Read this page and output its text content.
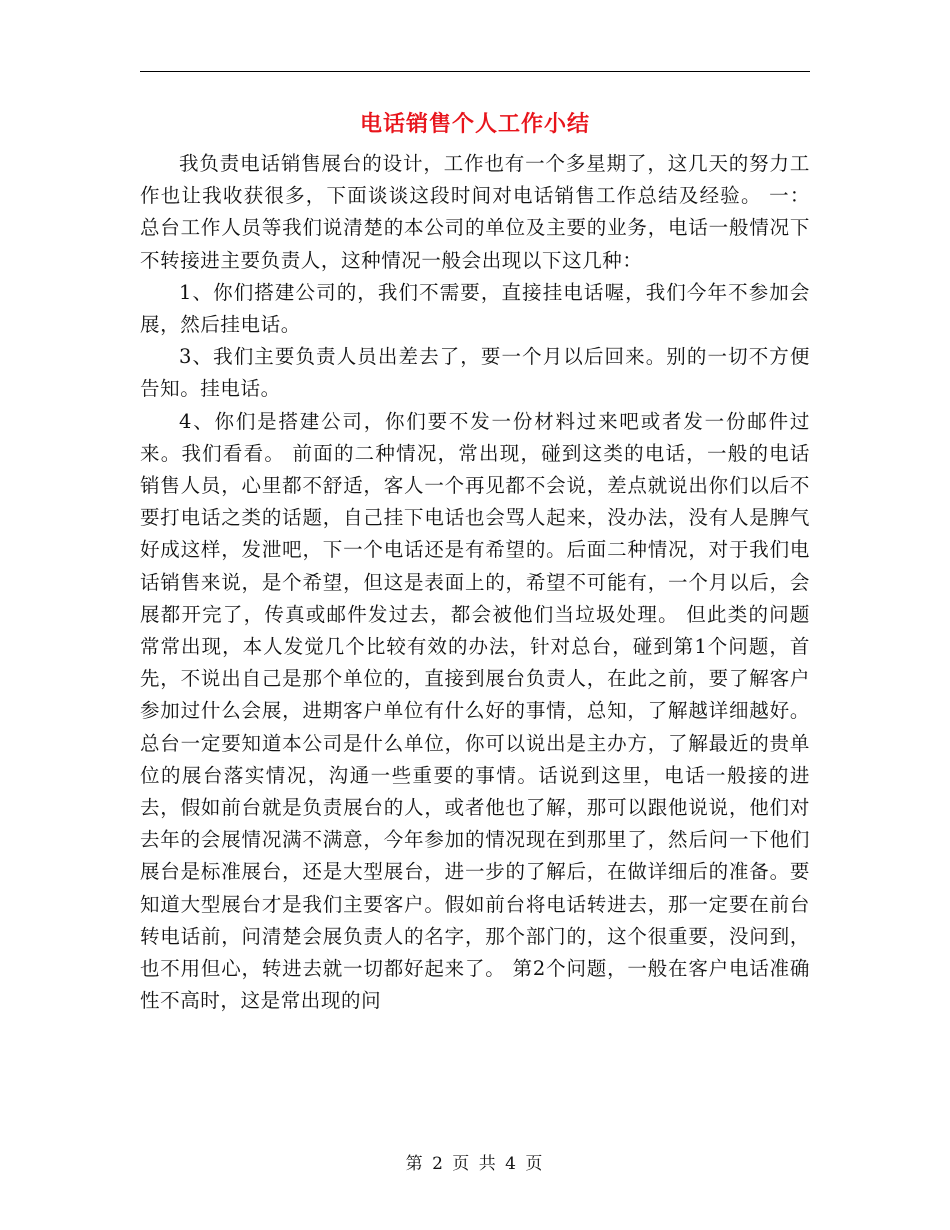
电话销售个人工作小结

我负责电话销售展台的设计，工作也有一个多星期了，这几天的努力工作也让我收获很多，下面谈谈这段时间对电话销售工作总结及经验。 一：总台工作人员等我们说清楚的本公司的单位及主要的业务，电话一般情况下不转接进主要负责人，这种情况一般会出现以下这几种：

1、你们搭建公司的，我们不需要，直接挂电话喔，我们今年不参加会展，然后挂电话。

3、我们主要负责人员出差去了，要一个月以后回来。别的一切不方便告知。挂电话。

4、你们是搭建公司，你们要不发一份材料过来吧或者发一份邮件过来。我们看看。 前面的二种情况，常出现，碰到这类的电话，一般的电话销售人员，心里都不舒适，客人一个再见都不会说，差点就说出你们以后不要打电话之类的话题，自己挂下电话也会骂人起来，没办法，没有人是脾气好成这样，发泄吧，下一个电话还是有希望的。后面二种情况，对于我们电话销售来说，是个希望，但这是表面上的，希望不可能有，一个月以后，会展都开完了，传真或邮件发过去，都会被他们当垃圾处理。 但此类的问题常常出现，本人发觉几个比较有效的办法，针对总台，碰到第1个问题，首先，不说出自己是那个单位的，直接到展台负责人，在此之前，要了解客户参加过什么会展，进期客户单位有什么好的事情，总知，了解越详细越好。总台一定要知道本公司是什么单位，你可以说出是主办方，了解最近的贵单位的展台落实情况，沟通一些重要的事情。话说到这里，电话一般接的进去，假如前台就是负责展台的人，或者他也了解，那可以跟他说说，他们对去年的会展情况满不满意，今年参加的情况现在到那里了，然后问一下他们展台是标准展台，还是大型展台，进一步的了解后，在做详细后的准备。要知道大型展台才是我们主要客户。假如前台将电话转进去，那一定要在前台转电话前，问清楚会展负责人的名字，那个部门的，这个很重要，没问到，也不用但心，转进去就一切都好起来了。 第2个问题，一般在客户电话准确性不高时，这是常出现的问

第 2 页 共 4 页
